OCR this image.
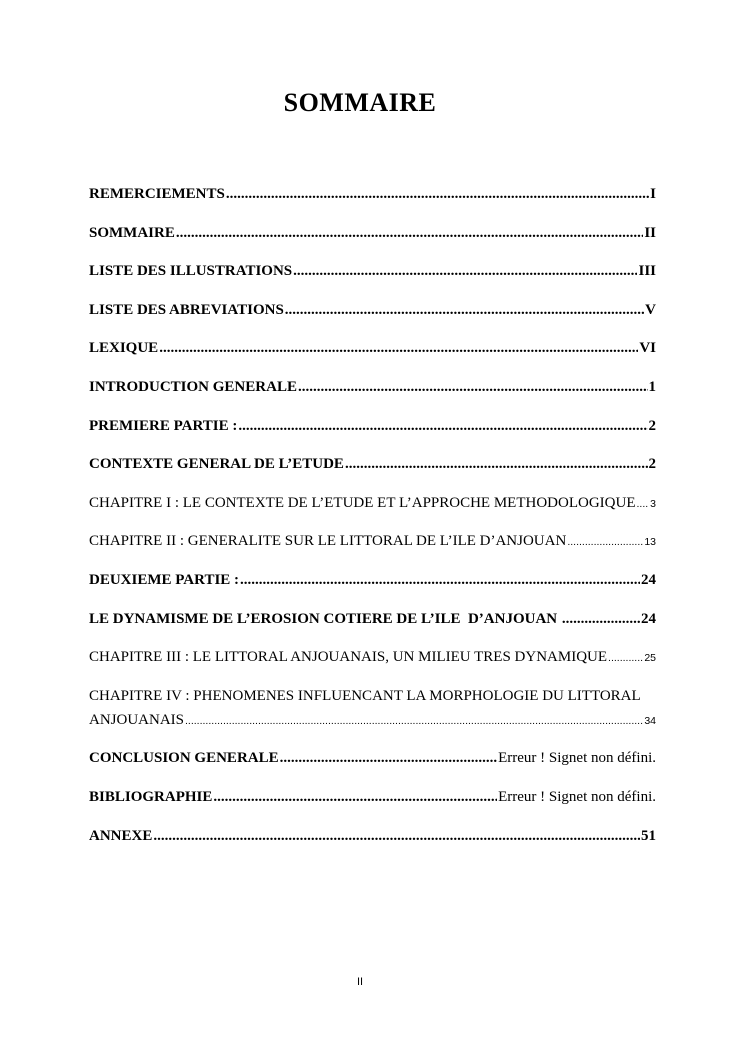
SOMMAIRE
REMERCIEMENTS .....	I
SOMMAIRE .....	II
LISTE DES ILLUSTRATIONS .....	III
LISTE DES ABREVIATIONS .....	V
LEXIQUE .....	VI
INTRODUCTION GENERALE .....	1
PREMIERE PARTIE : .....	2
CONTEXTE GENERAL DE L’ETUDE .....	2
CHAPITRE I : LE CONTEXTE DE L’ETUDE ET L’APPROCHE METHODOLOGIQUE ..... 3
CHAPITRE II : GENERALITE SUR LE LITTORAL DE L’ILE D’ANJOUAN .....	13
DEUXIEME PARTIE : .....	24
LE DYNAMISME DE L’EROSION COTIERE DE L’ILE  D’ANJOUAN .....	24
CHAPITRE III : LE LITTORAL ANJOUANAIS, UN MILIEU TRES DYNAMIQUE .....	25
CHAPITRE IV : PHENOMENES INFLUENCANT LA MORPHOLOGIE DU LITTORAL
ANJOUANAIS .....	34
CONCLUSION GENERALE .....	Erreur ! Signet non défini.
BIBLIOGRAPHIE .....	Erreur ! Signet non défini.
ANNEXE .....	51
II
